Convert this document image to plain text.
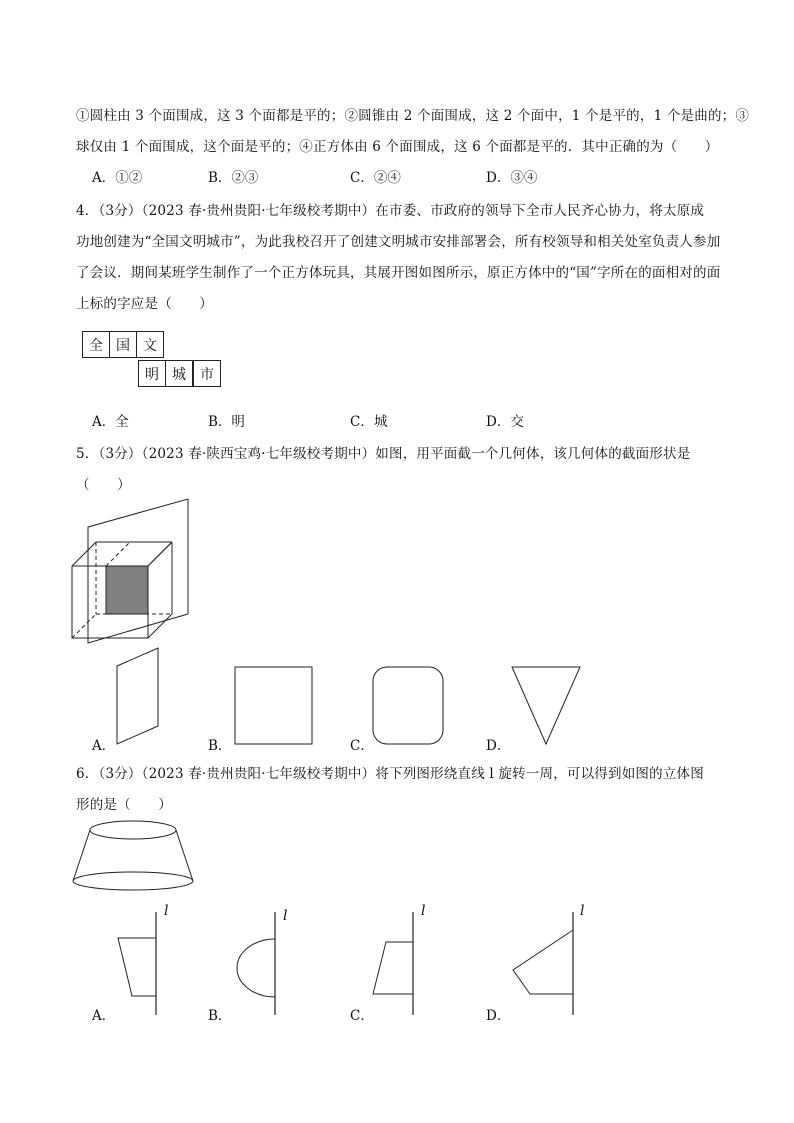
①圆柱由 3 个面围成，这 3 个面都是平的；②圆锥由 2 个面围成，这 2 个面中，1 个是平的，1 个是曲的；③
球仅由 1 个面围成，这个面是平的；④正方体由 6 个面围成，这 6 个面都是平的．其中正确的为（　　）
A．①②	B．②③	C．②④	D．③④
4．（3分）（2023 春·贵州贵阳·七年级校考期中）在市委、市政府的领导下全市人民齐心协力，将太原成
功地创建为“全国文明城市”，为此我校召开了创建文明城市安排部署会，所有校领导和相关处室负责人参加
了会议．期间某班学生制作了一个正方体玩具，其展开图如图所示，原正方体中的“国”字所在的面相对的面
上标的字应是（　　）
全 国 文
明 城	市
A．全	B．明	C．城	D．交
5．（3分）（2023 春·陕西宝鸡·七年级校考期中）如图，用平面截一个几何体，该几何体的截面形状是
（　　）
A．	B．	C．	D．
6．（3分）（2023 春·贵州贵阳·七年级校考期中）将下列图形绕直线 l 旋转一周，可以得到如图的立体图
形的是（　　）
l	l	l	l
A．	B．	C．	D．
